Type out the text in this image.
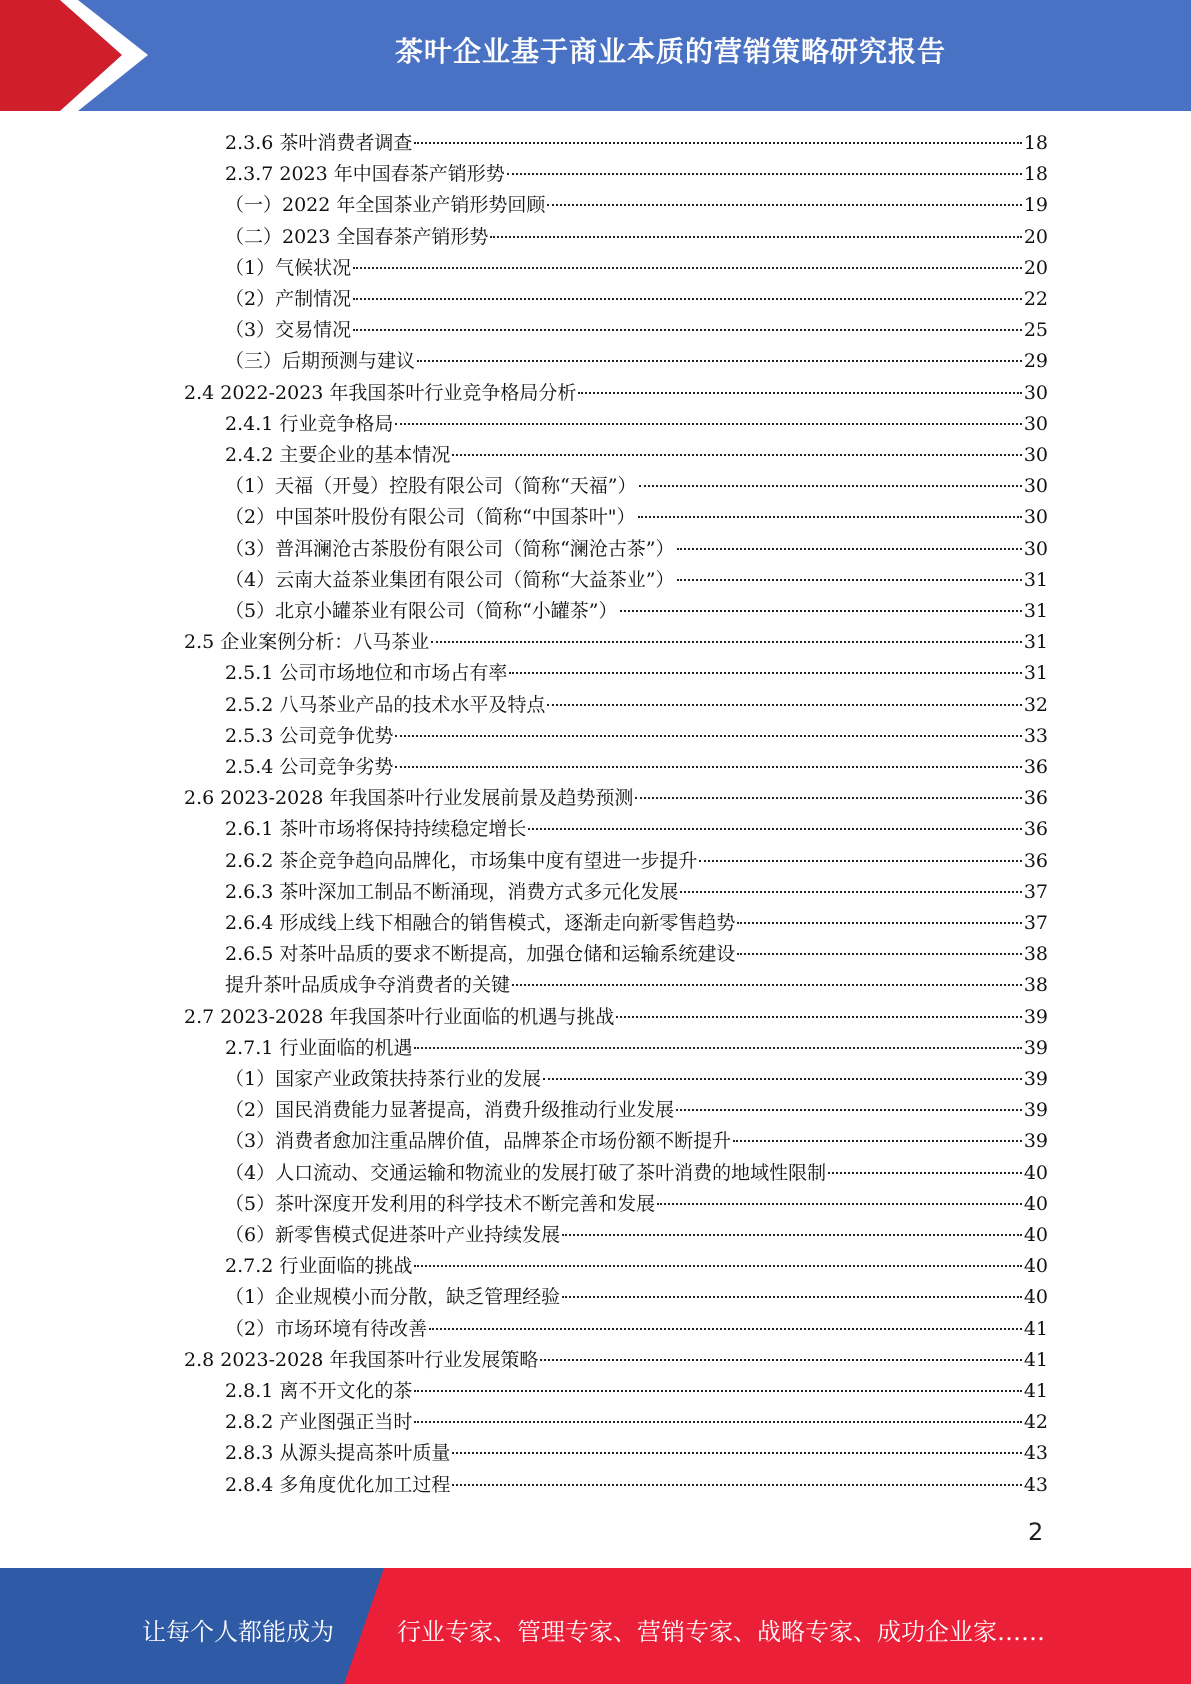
茶叶企业基于商业本质的营销策略研究报告
2.3.6 茶叶消费者调查	18
2.3.7 2023 年中国春茶产销形势	18
（一）2022 年全国茶业产销形势回顾	19
（二）2023 全国春茶产销形势	20
（1）气候状况	20
（2）产制情况	22
（3）交易情况	25
（三）后期预测与建议	29
2.4 2022-2023 年我国茶叶行业竞争格局分析	30
2.4.1 行业竞争格局	30
2.4.2 主要企业的基本情况	30
（1）天福（开曼）控股有限公司（简称“天福”）	30
（2）中国茶叶股份有限公司（简称“中国茶叶"）	30
（3）普洱澜沧古茶股份有限公司（简称“澜沧古茶”）	30
（4）云南大益茶业集团有限公司（简称“大益茶业”）	31
（5）北京小罐茶业有限公司（简称“小罐茶”）	31
2.5 企业案例分析：八马茶业	31
2.5.1 公司市场地位和市场占有率	31
2.5.2 八马茶业产品的技术水平及特点	32
2.5.3 公司竞争优势	33
2.5.4 公司竞争劣势	36
2.6 2023-2028 年我国茶叶行业发展前景及趋势预测	36
2.6.1 茶叶市场将保持持续稳定增长	36
2.6.2 茶企竞争趋向品牌化，市场集中度有望进一步提升	36
2.6.3 茶叶深加工制品不断涌现，消费方式多元化发展	37
2.6.4 形成线上线下相融合的销售模式，逐渐走向新零售趋势	37
2.6.5 对茶叶品质的要求不断提高，加强仓储和运输系统建设	38
提升茶叶品质成争夺消费者的关键	38
2.7 2023-2028 年我国茶叶行业面临的机遇与挑战	39
2.7.1 行业面临的机遇	39
（1）国家产业政策扶持茶行业的发展	39
（2）国民消费能力显著提高，消费升级推动行业发展	39
（3）消费者愈加注重品牌价值，品牌茶企市场份额不断提升	39
（4）人口流动、交通运输和物流业的发展打破了茶叶消费的地域性限制	40
（5）茶叶深度开发利用的科学技术不断完善和发展	40
（6）新零售模式促进茶叶产业持续发展	40
2.7.2 行业面临的挑战	40
（1）企业规模小而分散，缺乏管理经验	40
（2）市场环境有待改善	41
2.8 2023-2028 年我国茶叶行业发展策略	41
2.8.1 离不开文化的茶	41
2.8.2 产业图强正当时	42
2.8.3 从源头提高茶叶质量	43
2.8.4 多角度优化加工过程	43
2
让每个人都能成为	行业专家、管理专家、营销专家、战略专家、成功企业家……
